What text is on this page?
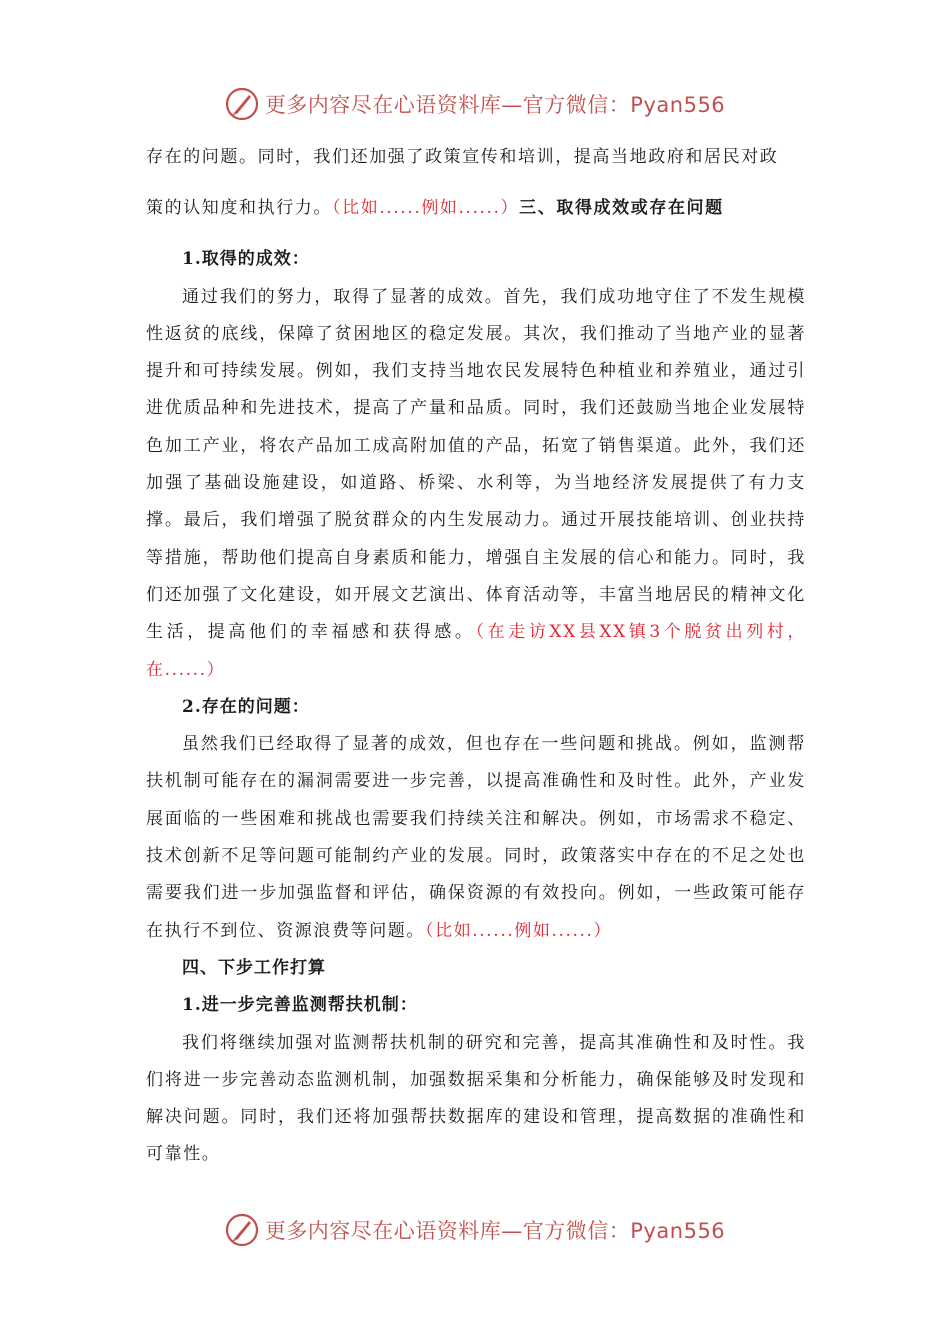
更多内容尽在心语资料库—官方微信：Pyan556

存在的问题。同时，我们还加强了政策宣传和培训，提高当地政府和居民对政

策的认知度和执行力。（比如......例如......）三、取得成效或存在问题

1.取得的成效：

通过我们的努力，取得了显著的成效。首先，我们成功地守住了不发生规模性返贫的底线，保障了贫困地区的稳定发展。其次，我们推动了当地产业的显著提升和可持续发展。例如，我们支持当地农民发展特色种植业和养殖业，通过引进优质品种和先进技术，提高了产量和品质。同时，我们还鼓励当地企业发展特色加工产业，将农产品加工成高附加值的产品，拓宽了销售渠道。此外，我们还加强了基础设施建设，如道路、桥梁、水利等，为当地经济发展提供了有力支撑。最后，我们增强了脱贫群众的内生发展动力。通过开展技能培训、创业扶持等措施，帮助他们提高自身素质和能力，增强自主发展的信心和能力。同时，我们还加强了文化建设，如开展文艺演出、体育活动等，丰富当地居民的精神文化生活，提高他们的幸福感和获得感。（在走访XX县XX镇3个脱贫出列村，在......）

2.存在的问题：

虽然我们已经取得了显著的成效，但也存在一些问题和挑战。例如，监测帮扶机制可能存在的漏洞需要进一步完善，以提高准确性和及时性。此外，产业发展面临的一些困难和挑战也需要我们持续关注和解决。例如，市场需求不稳定、技术创新不足等问题可能制约产业的发展。同时，政策落实中存在的不足之处也需要我们进一步加强监督和评估，确保资源的有效投向。例如，一些政策可能存在执行不到位、资源浪费等问题。（比如......例如......）

四、下步工作打算

1.进一步完善监测帮扶机制：

我们将继续加强对监测帮扶机制的研究和完善，提高其准确性和及时性。我们将进一步完善动态监测机制，加强数据采集和分析能力，确保能够及时发现和解决问题。同时，我们还将加强帮扶数据库的建设和管理，提高数据的准确性和可靠性。

更多内容尽在心语资料库—官方微信：Pyan556
